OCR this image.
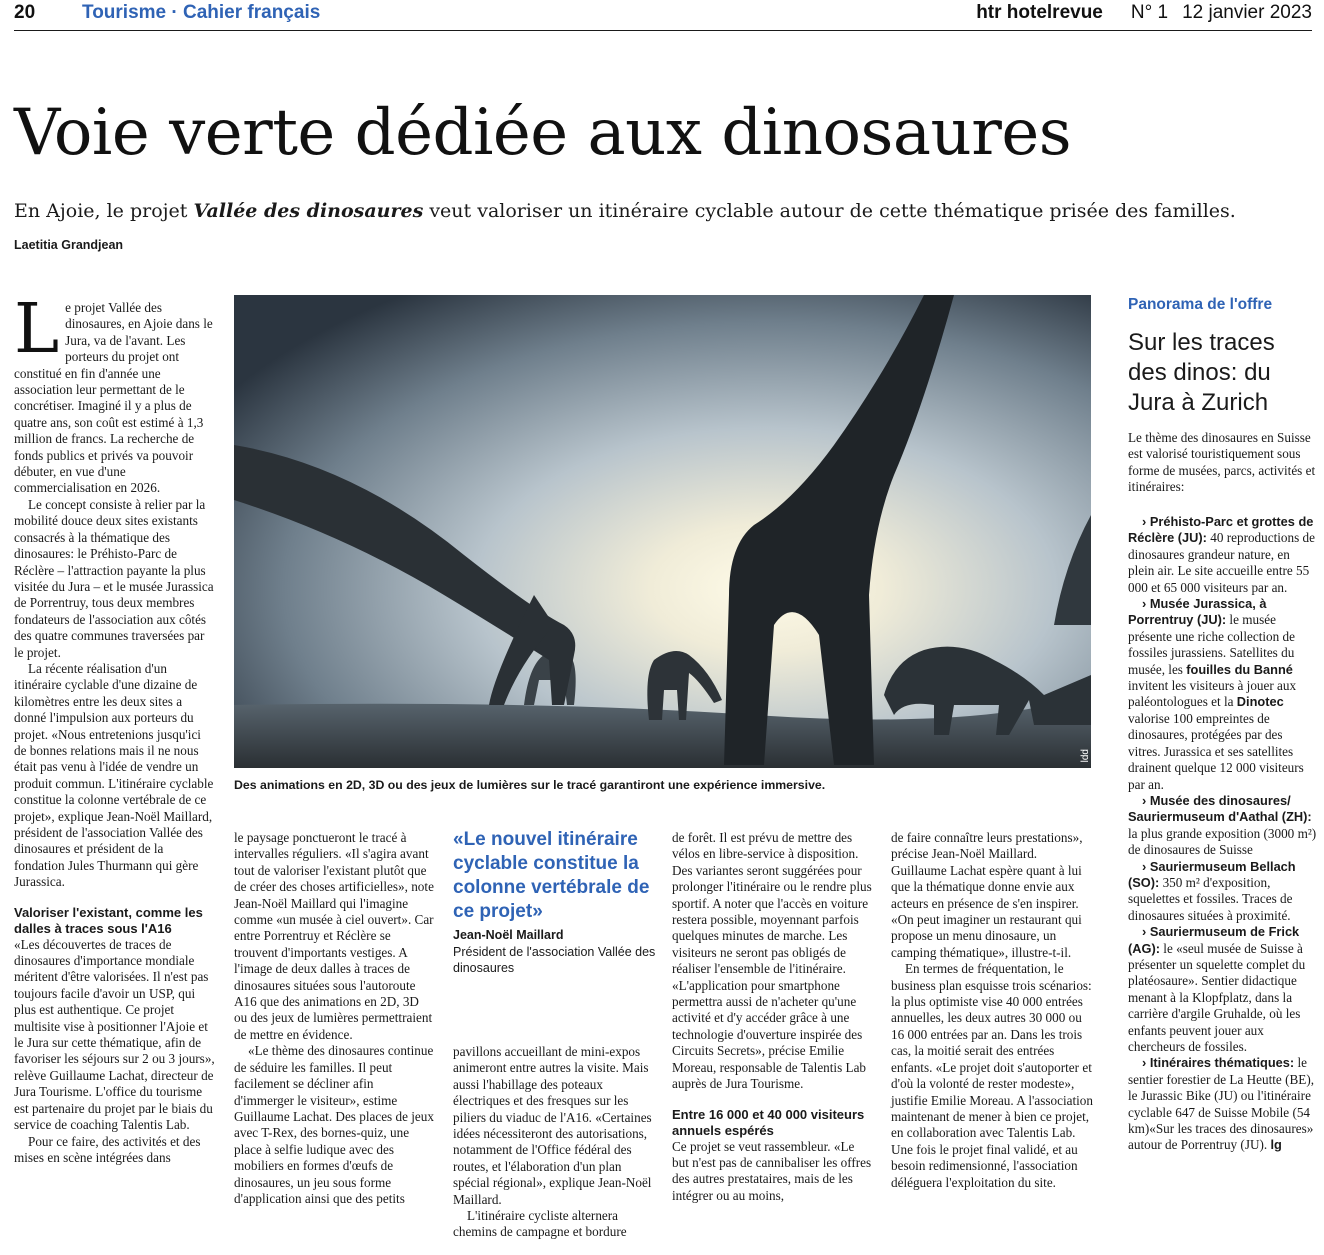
20 Tourisme · Cahier français	htr hotelrevue N° 1 12 janvier 2023
Voie verte dédiée aux dinosaures
En Ajoie, le projet Vallée des dinosaures veut valoriser un itinéraire cyclable autour de cette thématique prisée des familles.
Laetitia Grandjean
L e projet Vallée des dinosaures, en Ajoie dans le Jura, va de l'avant. Les porteurs du projet ont constitué en fin d'année une association leur permettant de le concrétiser. Imaginé il y a plus de quatre ans, son coût est estimé à 1,3 million de francs. La recherche de fonds publics et privés va pouvoir débuter, en vue d'une commercialisation en 2026.

Le concept consiste à relier par la mobilité douce deux sites existants consacrés à la thématique des dinosaures: le Préhisto-Parc de Réclère – l'attraction payante la plus visitée du Jura – et le musée Jurassica de Porrentruy, tous deux membres fondateurs de l'association aux côtés des quatre communes traversées par le projet.

La récente réalisation d'un itinéraire cyclable d'une dizaine de kilomètres entre les deux sites a donné l'impulsion aux porteurs du projet. «Nous entretenions jusqu'ici de bonnes relations mais il ne nous était pas venu à l'idée de vendre un produit commun. L'itinéraire cyclable constitue la colonne vertébrale de ce projet», explique Jean-Noël Maillard, président de l'association Vallée des dinosaures et président de la fondation Jules Thurmann qui gère Jurassica.

Valoriser l'existant, comme les dalles à traces sous l'A16

«Les découvertes de traces de dinosaures d'importance mondiale méritent d'être valorisées. Il n'est pas toujours facile d'avoir un USP, qui plus est authentique. Ce projet multisite vise à positionner l'Ajoie et le Jura sur cette thématique, afin de favoriser les séjours sur 2 ou 3 jours», relève Guillaume Lachat, directeur de Jura Tourisme. L'office du tourisme est partenaire du projet par le biais du service de coaching Talentis Lab.

Pour ce faire, des activités et des mises en scène intégrées dans

ldd
Des animations en 2D, 3D ou des jeux de lumières sur le tracé garantiront une expérience immersive.

le paysage ponctueront le tracé à intervalles réguliers. «Il s'agira avant tout de valoriser l'existant plutôt que de créer des choses artificielles», note Jean-Noël Maillard qui l'imagine comme «un musée à ciel ouvert». Car entre Porrentruy et Réclère se trouvent d'importants vestiges. A l'image de deux dalles à traces de dinosaures situées sous l'autoroute A16 que des animations en 2D, 3D ou des jeux de lumières permettraient de mettre en évidence.

«Le thème des dinosaures continue de séduire les familles. Il peut facilement se décliner afin d'immerger le visiteur», estime Guillaume Lachat. Des places de jeux avec T-Rex, des bornes-quiz, une place à selfie ludique avec des mobiliers en formes d'œufs de dinosaures, un jeu sous forme d'application ainsi que des petits

«Le nouvel itinéraire cyclable constitue la colonne vertébrale de ce projet»
Jean-Noël Maillard
Président de l'association Vallée des dinosaures

pavillons accueillant de mini-expos animeront entre autres la visite. Mais aussi l'habillage des poteaux électriques et des fresques sur les piliers du viaduc de l'A16. «Certaines idées nécessiteront des autorisations, notamment de l'Office fédéral des routes, et l'élaboration d'un plan spécial régional», explique Jean-Noël Maillard.

L'itinéraire cycliste alternera chemins de campagne et bordure

de forêt. Il est prévu de mettre des vélos en libre-service à disposition. Des variantes seront suggérées pour prolonger l'itinéraire ou le rendre plus sportif. A noter que l'accès en voiture restera possible, moyennant parfois quelques minutes de marche. Les visiteurs ne seront pas obligés de réaliser l'ensemble de l'itinéraire. «L'application pour smartphone permettra aussi de n'acheter qu'une activité et d'y accéder grâce à une technologie d'ouverture inspirée des Circuits Secrets», précise Emilie Moreau, responsable de Talentis Lab auprès de Jura Tourisme.

Entre 16 000 et 40 000 visiteurs annuels espérés

Ce projet se veut rassembleur. «Le but n'est pas de cannibaliser les offres des autres prestataires, mais de les intégrer ou au moins,

de faire connaître leurs prestations», précise Jean-Noël Maillard. Guillaume Lachat espère quant à lui que la thématique donne envie aux acteurs en présence de s'en inspirer. «On peut imaginer un restaurant qui propose un menu dinosaure, un camping thématique», illustre-t-il.

En termes de fréquentation, le business plan esquisse trois scénarios: la plus optimiste vise 40 000 entrées annuelles, les deux autres 30 000 ou 16 000 entrées par an. Dans les trois cas, la moitié serait des entrées enfants. «Le projet doit s'autoporter et d'où la volonté de rester modeste», justifie Emilie Moreau. A l'association maintenant de mener à bien ce projet, en collaboration avec Talentis Lab. Une fois le projet final validé, et au besoin redimensionné, l'association déléguera l'exploitation du site.

Panorama de l'offre
Sur les traces des dinos: du Jura à Zurich
Le thème des dinosaures en Suisse est valorisé touristiquement sous forme de musées, parcs, activités et itinéraires:

› Préhisto-Parc et grottes de Réclère (JU): 40 reproductions de dinosaures grandeur nature, en plein air. Le site accueille entre 55 000 et 65 000 visiteurs par an.

› Musée Jurassica, à Porrentruy (JU): le musée présente une riche collection de fossiles jurassiens. Satellites du musée, les fouilles du Banné invitent les visiteurs à jouer aux paléontologues et la Dinotec valorise 100 empreintes de dinosaures, protégées par des vitres. Jurassica et ses satellites drainent quelque 12 000 visiteurs par an.

› Musée des dinosaures/ Sauriermuseum d'Aathal (ZH): la plus grande exposition (3000 m²) de dinosaures de Suisse

› Sauriermuseum Bellach (SO): 350 m² d'exposition, squelettes et fossiles. Traces de dinosaures situées à proximité.

› Sauriermuseum de Frick (AG): le «seul musée de Suisse à présenter un squelette complet du platéosaure». Sentier didactique menant à la Klopfplatz, dans la carrière d'argile Gruhalde, où les enfants peuvent jouer aux chercheurs de fossiles.

› Itinéraires thématiques: le sentier forestier de La Heutte (BE), le Jurassic Bike (JU) ou l'itinéraire cyclable 647 de Suisse Mobile (54 km)«Sur les traces des dinosaures» autour de Porrentruy (JU). lg
